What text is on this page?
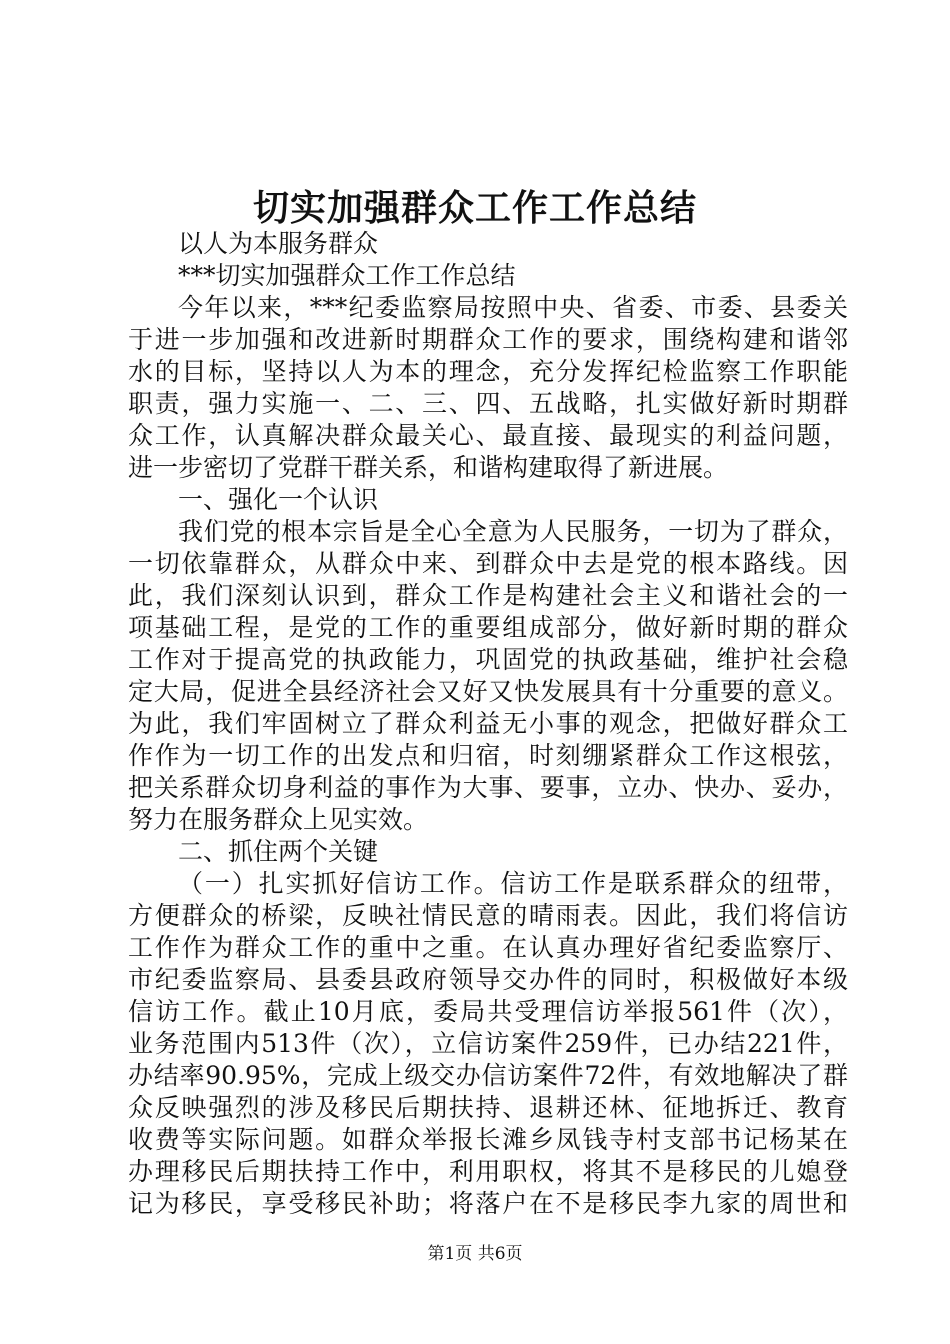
切实加强群众工作工作总结
以人为本服务群众
***切实加强群众工作工作总结
今年以来，***纪委监察局按照中央、省委、市委、县委关
于进一步加强和改进新时期群众工作的要求，围绕构建和谐邻
水的目标，坚持以人为本的理念，充分发挥纪检监察工作职能
职责，强力实施一、二、三、四、五战略，扎实做好新时期群
众工作，认真解决群众最关心、最直接、最现实的利益问题，
进一步密切了党群干群关系，和谐构建取得了新进展。
一、强化一个认识
我们党的根本宗旨是全心全意为人民服务，一切为了群众，
一切依靠群众，从群众中来、到群众中去是党的根本路线。因
此，我们深刻认识到，群众工作是构建社会主义和谐社会的一
项基础工程，是党的工作的重要组成部分，做好新时期的群众
工作对于提高党的执政能力，巩固党的执政基础，维护社会稳
定大局，促进全县经济社会又好又快发展具有十分重要的意义。
为此，我们牢固树立了群众利益无小事的观念，把做好群众工
作作为一切工作的出发点和归宿，时刻绷紧群众工作这根弦，
把关系群众切身利益的事作为大事、要事，立办、快办、妥办，
努力在服务群众上见实效。
二、抓住两个关键
（一）扎实抓好信访工作。信访工作是联系群众的纽带，
方便群众的桥梁，反映社情民意的晴雨表。因此，我们将信访
工作作为群众工作的重中之重。在认真办理好省纪委监察厅、
市纪委监察局、县委县政府领导交办件的同时，积极做好本级
信访工作。截止10月底，委局共受理信访举报561件（次），
业务范围内513件（次），立信访案件259件，已办结221件，
办结率90.95%，完成上级交办信访案件72件，有效地解决了群
众反映强烈的涉及移民后期扶持、退耕还林、征地拆迁、教育
收费等实际问题。如群众举报长滩乡凤钱寺村支部书记杨某在
办理移民后期扶持工作中，利用职权，将其不是移民的儿媳登
记为移民，享受移民补助；将落户在不是移民李九家的周世和
第1页 共6页
